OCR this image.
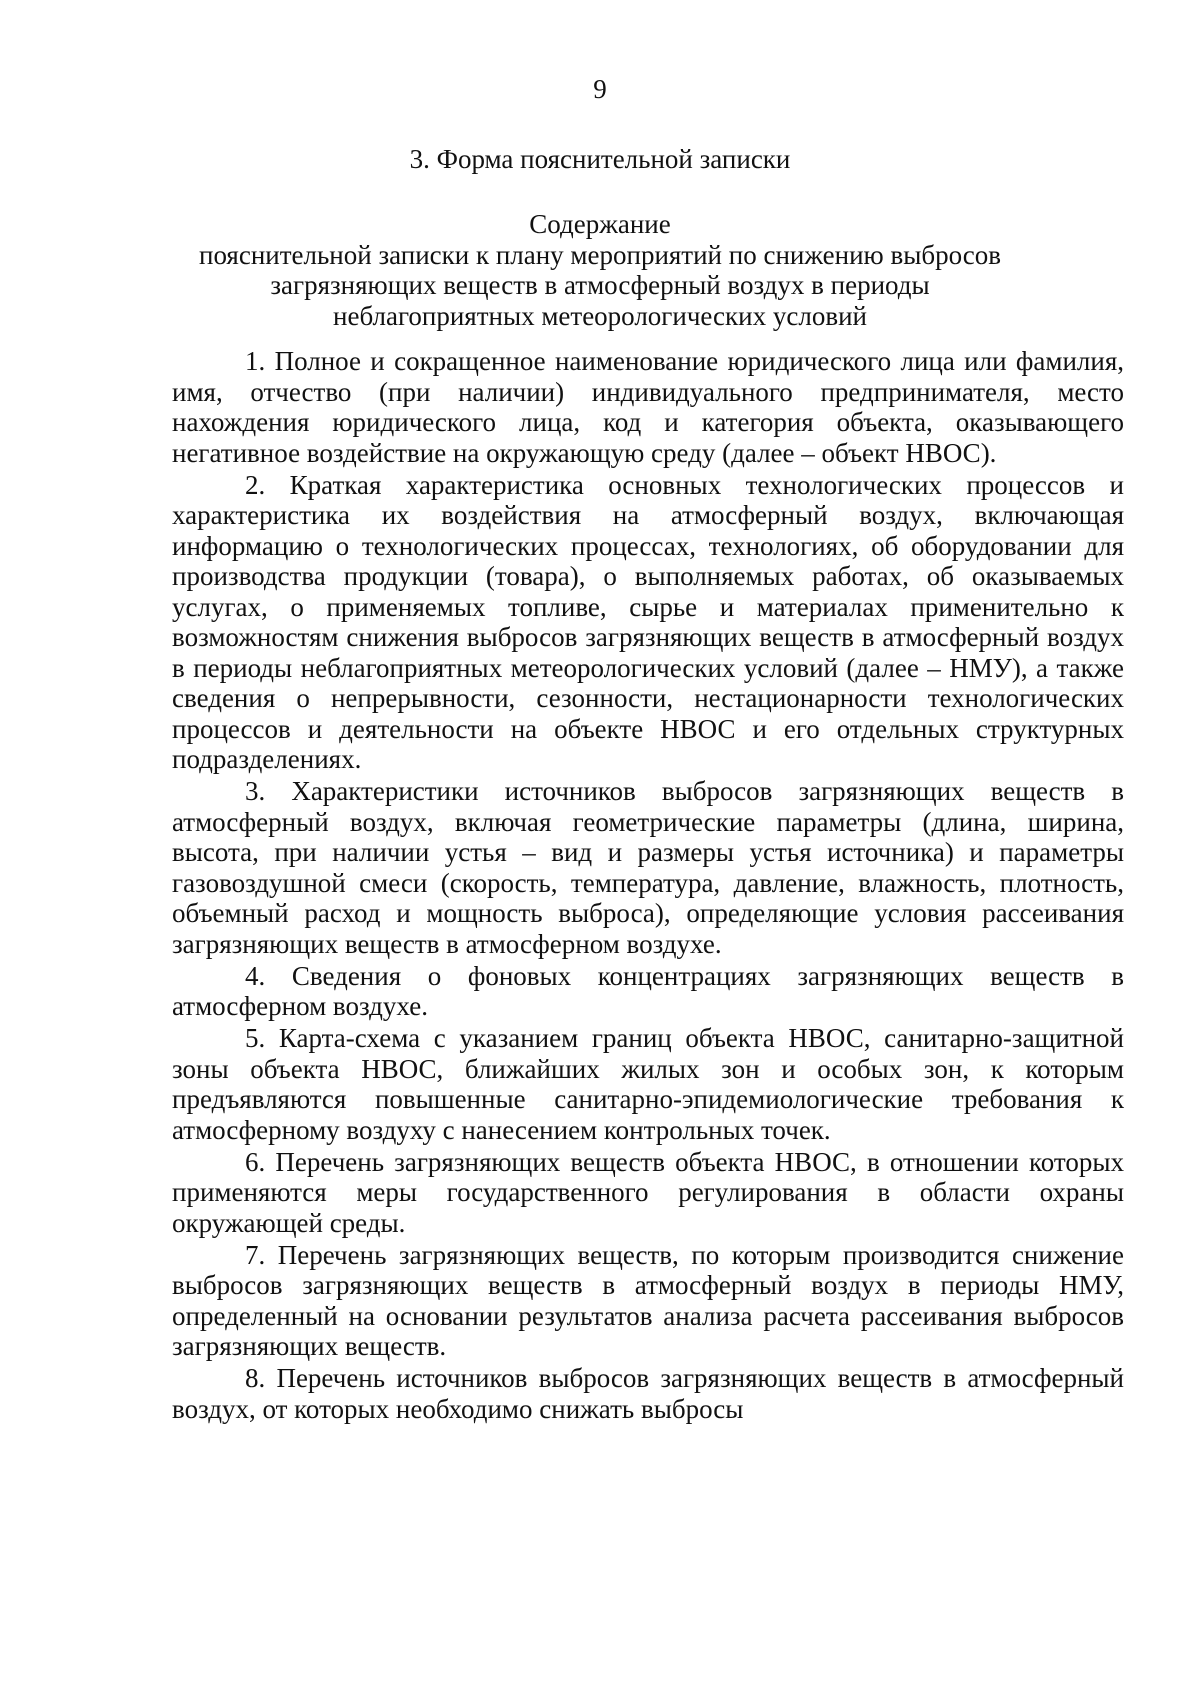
9
3. Форма пояснительной записки
Содержание
пояснительной записки к плану мероприятий по снижению выбросов
загрязняющих веществ в атмосферный воздух в периоды
неблагоприятных метеорологических условий

1. Полное и сокращенное наименование юридического лица или фамилия, имя, отчество (при наличии) индивидуального предпринимателя, место нахождения юридического лица, код и категория объекта, оказывающего негативное воздействие на окружающую среду (далее – объект НВОС).

2. Краткая характеристика основных технологических процессов и характеристика их воздействия на атмосферный воздух, включающая информацию о технологических процессах, технологиях, об оборудовании для производства продукции (товара), о выполняемых работах, об оказываемых услугах, о применяемых топливе, сырье и материалах применительно к возможностям снижения выбросов загрязняющих веществ в атмосферный воздух в периоды неблагоприятных метеорологических условий (далее – НМУ), а также сведения о непрерывности, сезонности, нестационарности технологических процессов и деятельности на объекте НВОС и его отдельных структурных подразделениях.

3. Характеристики источников выбросов загрязняющих веществ в атмосферный воздух, включая геометрические параметры (длина, ширина, высота, при наличии устья – вид и размеры устья источника) и параметры газовоздушной смеси (скорость, температура, давление, влажность, плотность, объемный расход и мощность выброса), определяющие условия рассеивания загрязняющих веществ в атмосферном воздухе.

4. Сведения о фоновых концентрациях загрязняющих веществ в атмосферном воздухе.

5. Карта-схема с указанием границ объекта НВОС, санитарно-защитной зоны объекта НВОС, ближайших жилых зон и особых зон, к которым предъявляются повышенные санитарно-эпидемиологические требования к атмосферному воздуху с нанесением контрольных точек.

6. Перечень загрязняющих веществ объекта НВОС, в отношении которых применяются меры государственного регулирования в области охраны окружающей среды.

7. Перечень загрязняющих веществ, по которым производится снижение выбросов загрязняющих веществ в атмосферный воздух в периоды НМУ, определенный на основании результатов анализа расчета рассеивания выбросов загрязняющих веществ.

8. Перечень источников выбросов загрязняющих веществ в атмосферный воздух, от которых необходимо снижать выбросы
